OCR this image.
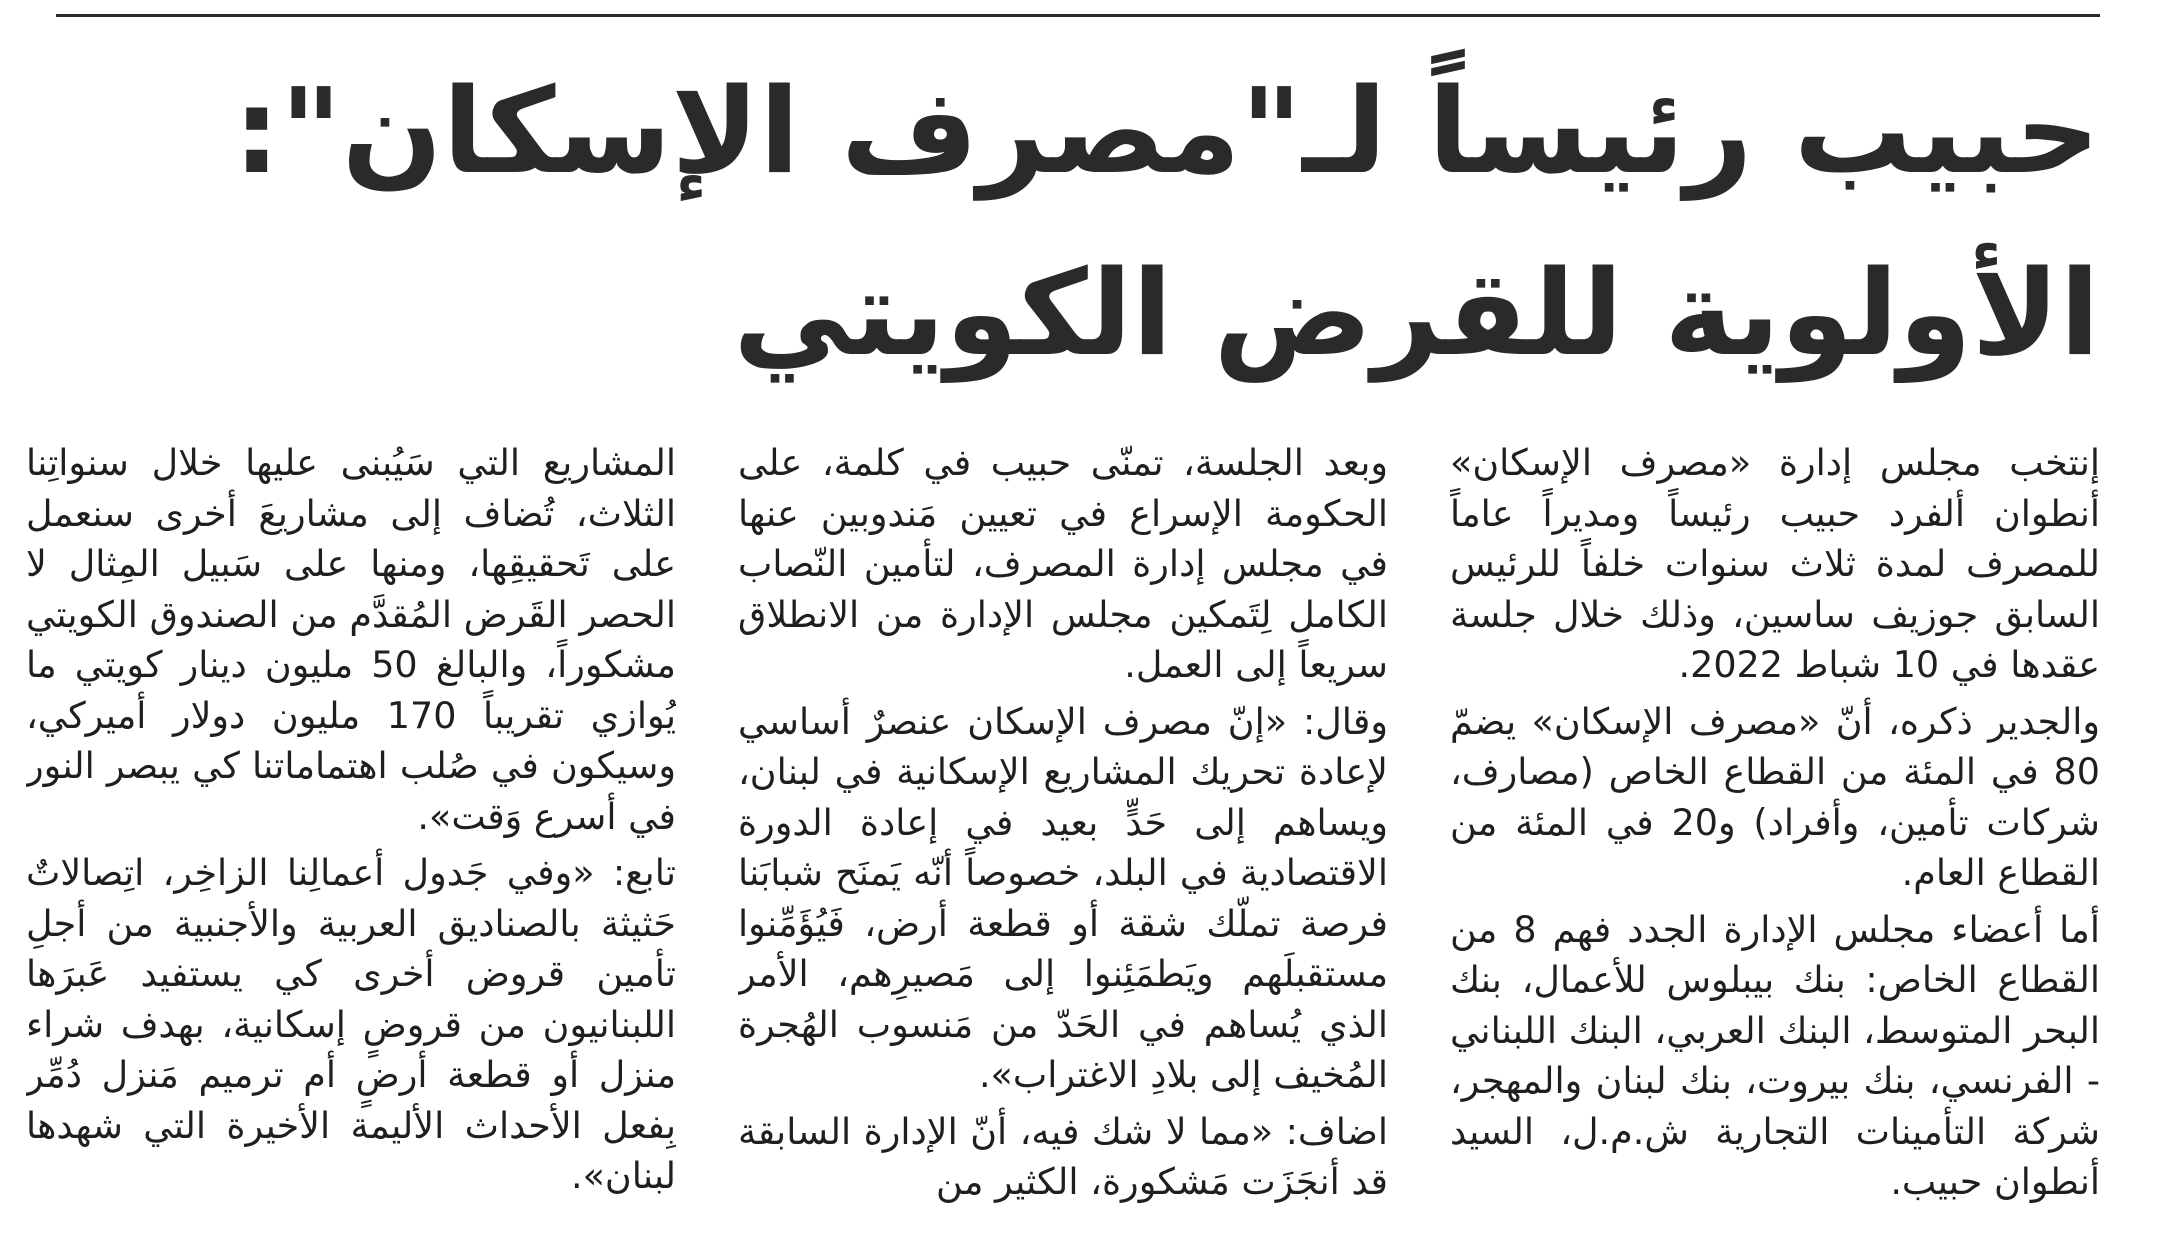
حبيب رئيساً لـ"مصرف الإسكان":
الأولوية للقرض الكويتي

إنتخب مجلس إدارة «مصرف الإسكان» أنطوان ألفرد حبيب رئيساً ومديراً عاماً للمصرف لمدة ثلاث سنوات خلفاً للرئيس السابق جوزيف ساسين، وذلك خلال جلسة عقدها في 10 شباط 2022.

والجدير ذكره، أنّ «مصرف الإسكان» يضمّ 80 في المئة من القطاع الخاص (مصارف، شركات تأمين، وأفراد) و20 في المئة من القطاع العام.

أما أعضاء مجلس الإدارة الجدد فهم 8 من القطاع الخاص: بنك بيبلوس للأعمال، بنك البحر المتوسط، البنك العربي، البنك اللبناني - الفرنسي، بنك بيروت، بنك لبنان والمهجر، شركة التأمينات التجارية ش.م.ل، السيد أنطوان حبيب.

وبعد الجلسة، تمنّى حبيب في كلمة، على الحكومة الإسراع في تعيين مَندوبين عنها في مجلس إدارة المصرف، لتأمين النّصاب الكامل لِتَمكين مجلس الإدارة من الانطلاق سريعاً إلى العمل.

وقال: «إنّ مصرف الإسكان عنصرٌ أساسي لإعادة تحريك المشاريع الإسكانية في لبنان، ويساهم إلى حَدٍّ بعيد في إعادة الدورة الاقتصادية في البلد، خصوصاً أنّه يَمنَح شبابَنا فرصة تملّك شقة أو قطعة أرض، فَيُؤَمِّنوا مستقبلَهم ويَطمَئِنوا إلى مَصيرِهم، الأمر الذي يُساهم في الحَدّ من مَنسوب الهُجرة المُخيف إلى بلادِ الاغتراب».

اضاف: «مما لا شك فيه، أنّ الإدارة السابقة قد أنجَزَت مَشكورة، الكثير من

المشاريع التي سَيُبنى عليها خلال سنواتِنا الثلاث، تُضاف إلى مشاريعَ أخرى سنعمل على تَحقيقِها، ومنها على سَبيل المِثال لا الحصر القَرض المُقدَّم من الصندوق الكويتي مشكوراً، والبالغ 50 مليون دينار كويتي ما يُوازي تقريباً 170 مليون دولار أميركي، وسيكون في صُلب اهتماماتنا كي يبصر النور في أسرع وَقت».

تابع: «وفي جَدول أعمالِنا الزاخِر، اتِصالاتٌ حَثيثة بالصناديق العربية والأجنبية من أجلِ تأمين قروض أخرى كي يستفيد عَبرَها اللبنانيون من قروضٍ إسكانية، بهدف شراء منزل أو قطعة أرضٍ أم ترميم مَنزل دُمِّر بِفعل الأحداث الأليمة الأخيرة التي شهدها لبنان».
